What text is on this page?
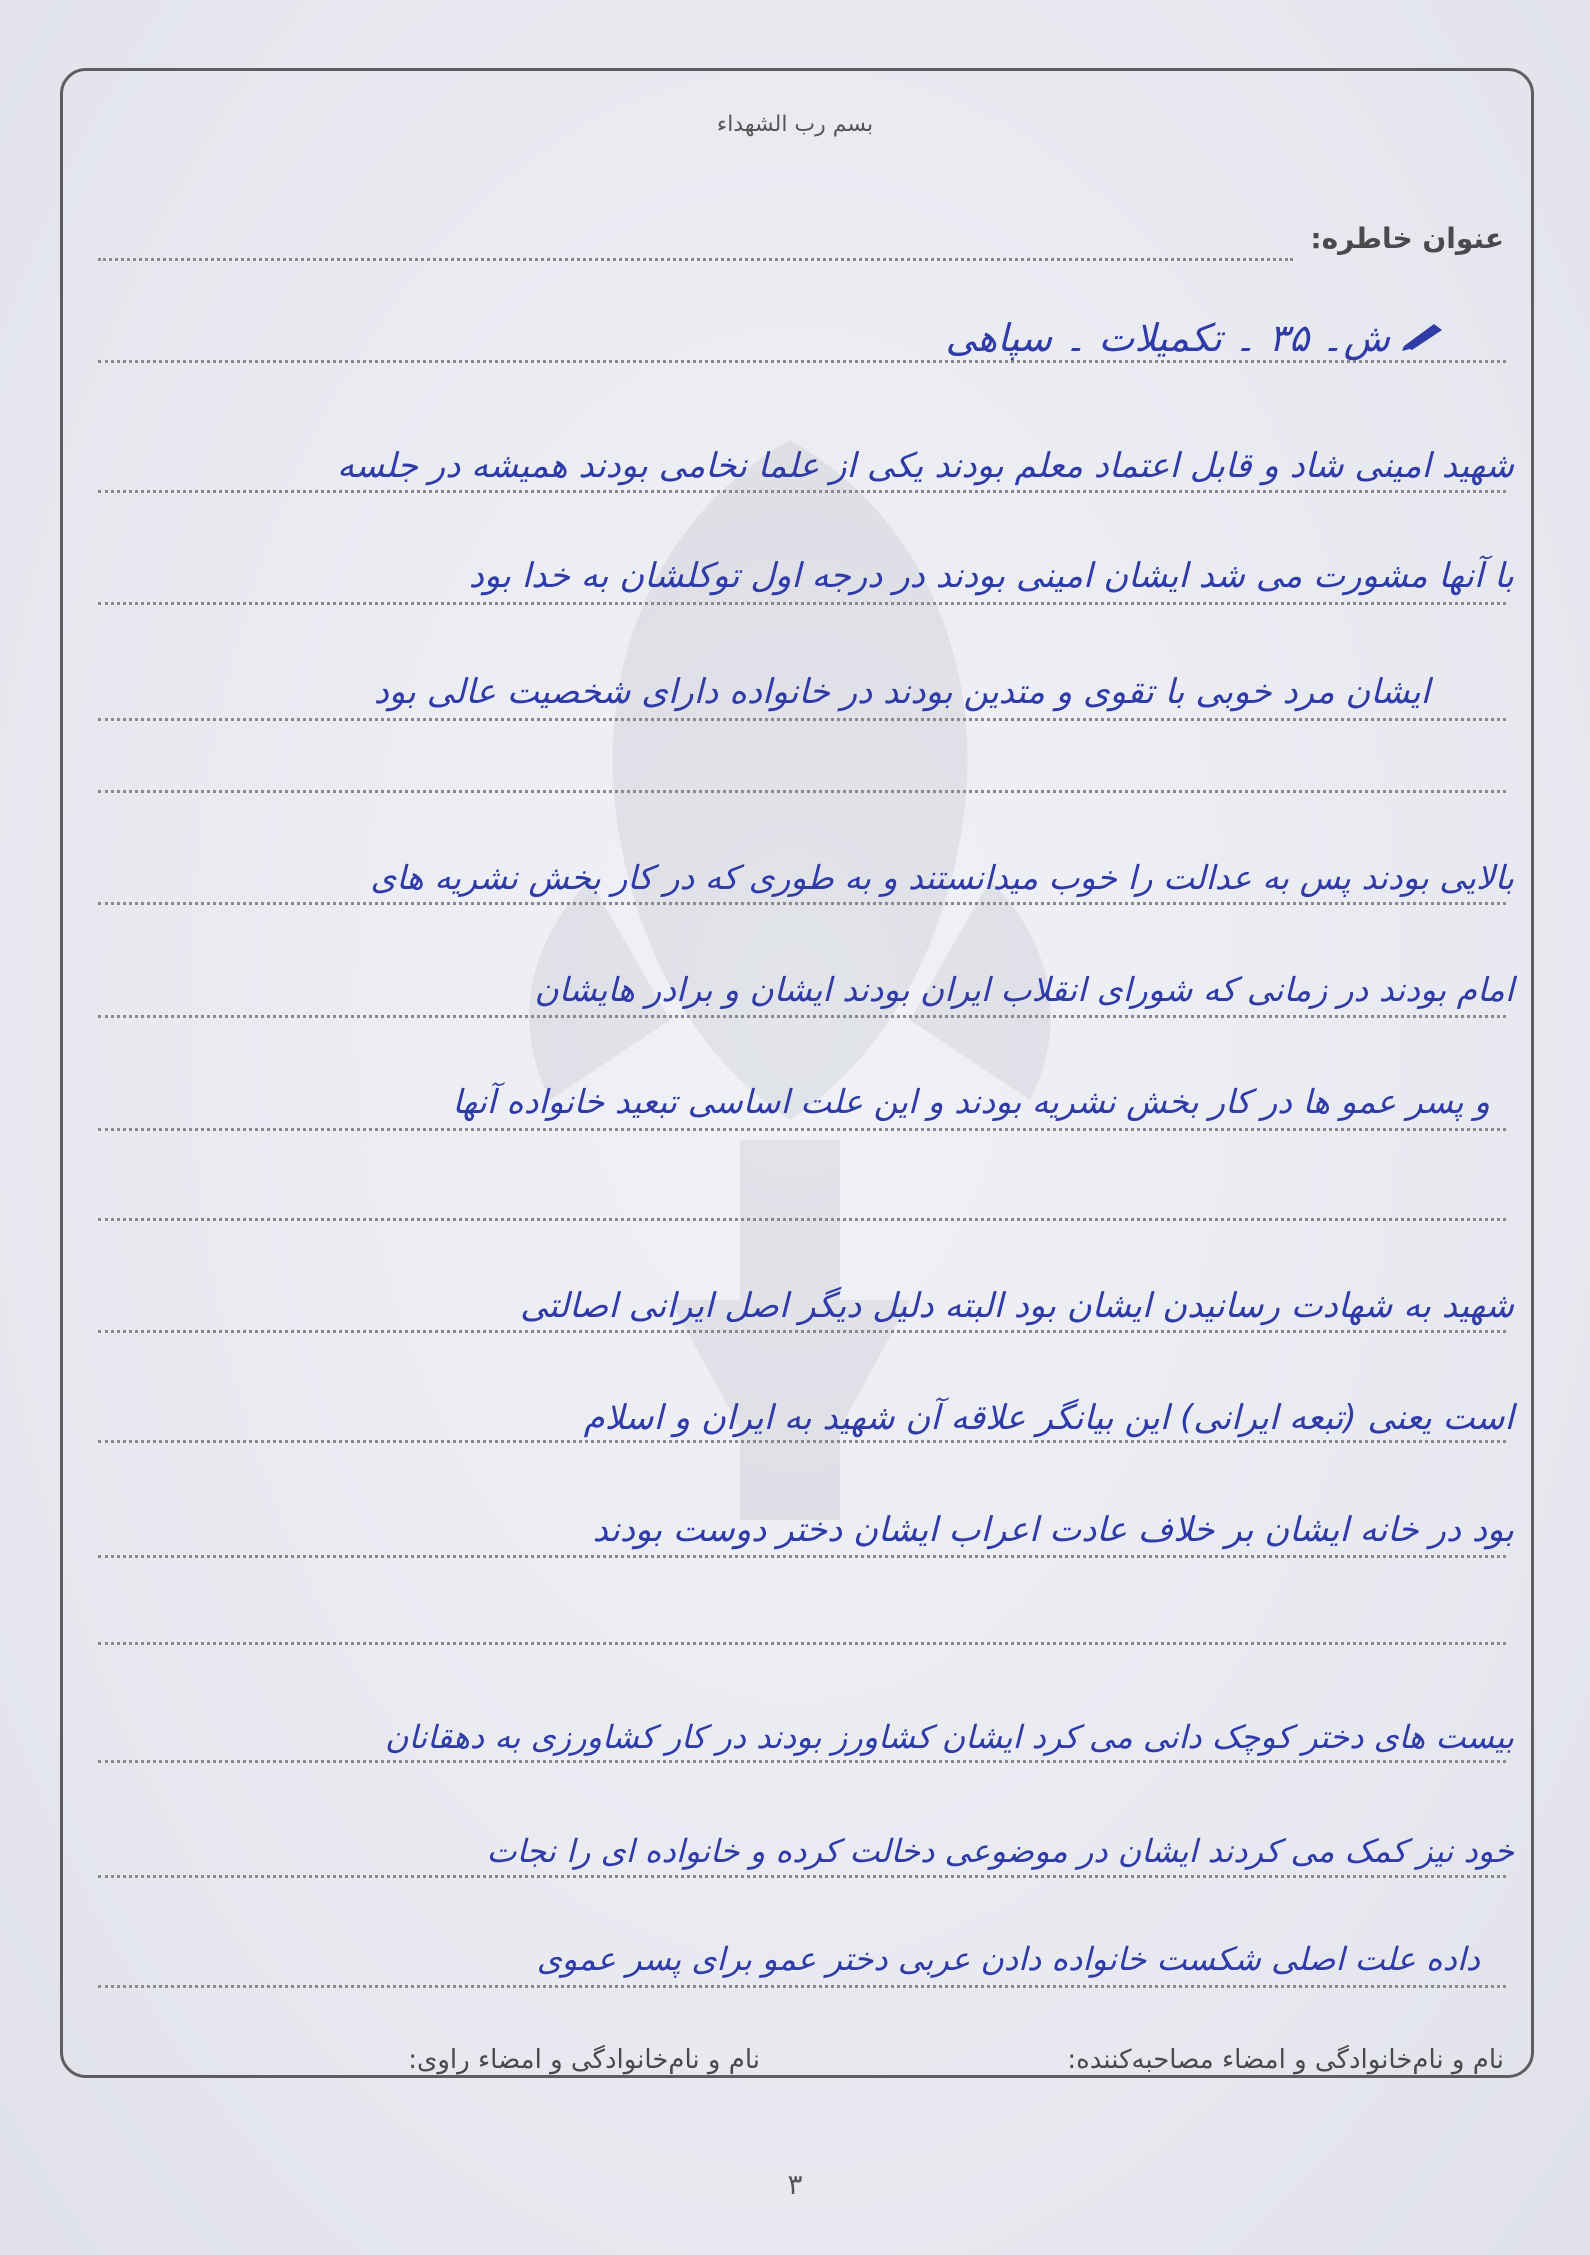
بسم رب الشهداء
عنوان خاطره:
ش۔ ۳۵ ۔ تکمیلات ۔ سپاهی
شهید امینی شاد و قابل اعتماد معلم بودند یکی از علما نخامی بودند همیشه در جلسه
با آنها مشورت می شد ایشان امینی بودند در درجه اول توکلشان به خدا بود
ایشان مرد خوبی با تقوی و متدین بودند در خانواده دارای شخصیت عالی بود
بالایی بودند پس به عدالت را خوب میدانستند و به طوری که در کار بخش نشریه های
امام بودند در زمانی که شورای انقلاب ایران بودند ایشان و برادر هایشان
و پسر عمو ها در کار بخش نشریه بودند و این علت اساسی تبعید خانواده آنها
شهید به شهادت رسانیدن ایشان بود البته دلیل دیگر اصل ایرانی اصالتی
است یعنی (تبعه ایرانی) این بیانگر علاقه آن شهید به ایران و اسلام
بود در خانه ایشان بر خلاف عادت اعراب ایشان دختر دوست بودند
بیست های دختر کوچک دانی می کرد ایشان کشاورز بودند در کار کشاورزی به دهقانان
خود نیز کمک می کردند ایشان در موضوعی دخالت کرده و خانواده ای را نجات
داده علت اصلی شکست خانواده دادن عربی دختر عمو برای پسر عموی
نام و نام‌خانوادگی و امضاء مصاحبه‌کننده:
نام و نام‌خانوادگی و امضاء راوی:
۳
